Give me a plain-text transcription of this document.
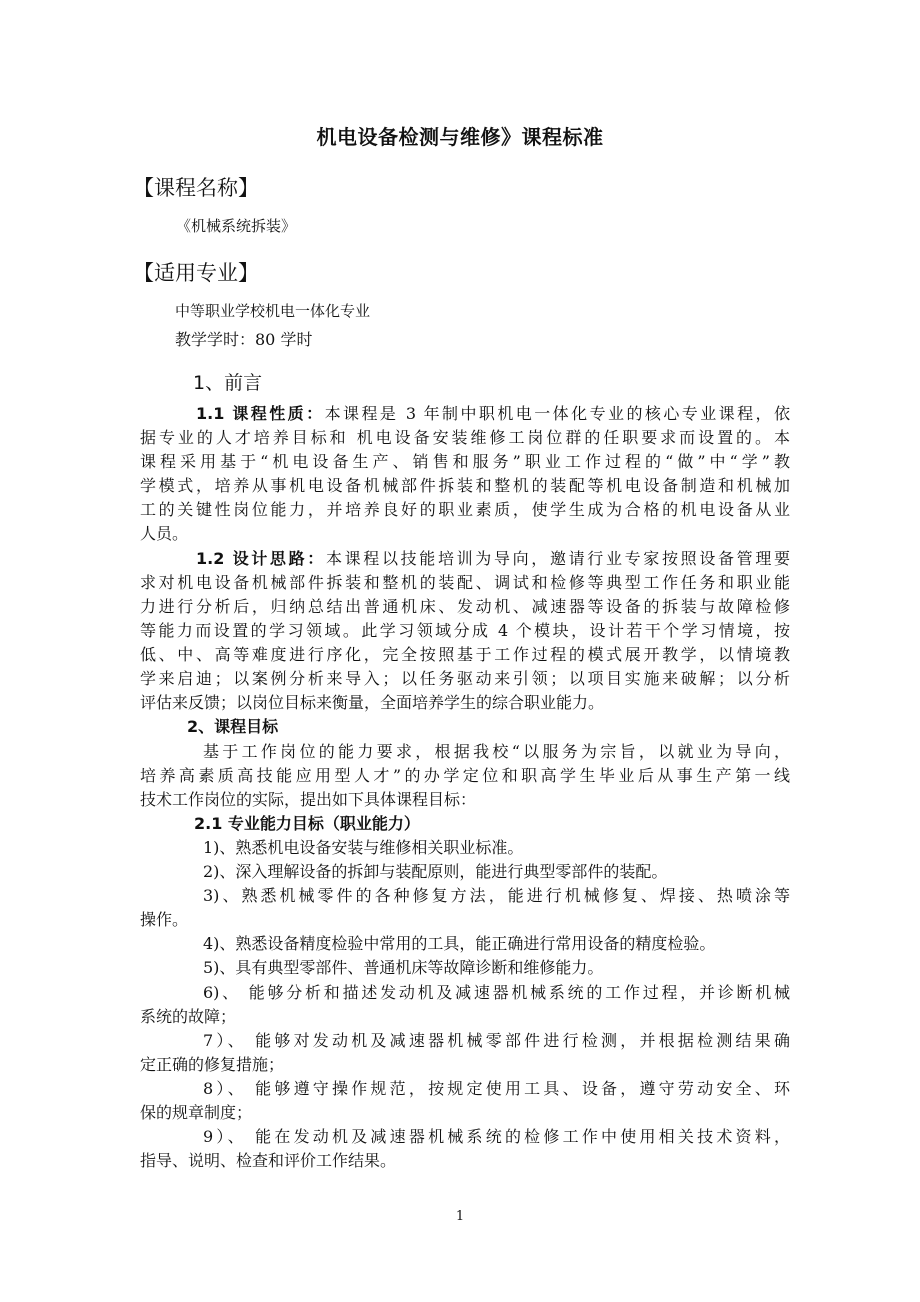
机电设备检测与维修》课程标准
【课程名称】
《机械系统拆装》
【适用专业】
中等职业学校机电一体化专业
教学学时：80 学时
1、前言
1.1 课程性质：本课程是 3 年制中职机电一体化专业的核心专业课程，依
据专业的人才培养目标和 机电设备安装维修工岗位群的任职要求而设置的。本
课程采用基于“机电设备生产、销售和服务”职业工作过程的“做”中“学”教
学模式，培养从事机电设备机械部件拆装和整机的装配等机电设备制造和机械加
工的关键性岗位能力，并培养良好的职业素质，使学生成为合格的机电设备从业
人员。
1.2 设计思路：本课程以技能培训为导向，邀请行业专家按照设备管理要
求对机电设备机械部件拆装和整机的装配、调试和检修等典型工作任务和职业能
力进行分析后，归纳总结出普通机床、发动机、减速器等设备的拆装与故障检修
等能力而设置的学习领域。此学习领域分成 4 个模块，设计若干个学习情境，按
低、中、高等难度进行序化，完全按照基于工作过程的模式展开教学，以情境教
学来启迪；以案例分析来导入；以任务驱动来引领；以项目实施来破解；以分析
评估来反馈；以岗位目标来衡量，全面培养学生的综合职业能力。
2、课程目标
基于工作岗位的能力要求，根据我校“以服务为宗旨，以就业为导向，
培养高素质高技能应用型人才”的办学定位和职高学生毕业后从事生产第一线
技术工作岗位的实际，提出如下具体课程目标：
2.1 专业能力目标（职业能力）
1)、熟悉机电设备安装与维修相关职业标准。
2)、深入理解设备的拆卸与装配原则，能进行典型零部件的装配。
3)、熟悉机械零件的各种修复方法，能进行机械修复、焊接、热喷涂等
操作。
4)、熟悉设备精度检验中常用的工具，能正确进行常用设备的精度检验。
5)、具有典型零部件、普通机床等故障诊断和维修能力。
6)、 能够分析和描述发动机及减速器机械系统的工作过程，并诊断机械
系统的故障；
7）、 能够对发动机及减速器机械零部件进行检测，并根据检测结果确
定正确的修复措施；
8）、 能够遵守操作规范，按规定使用工具、设备，遵守劳动安全、环
保的规章制度；
9）、 能在发动机及减速器机械系统的检修工作中使用相关技术资料，
指导、说明、检查和评价工作结果。
1
